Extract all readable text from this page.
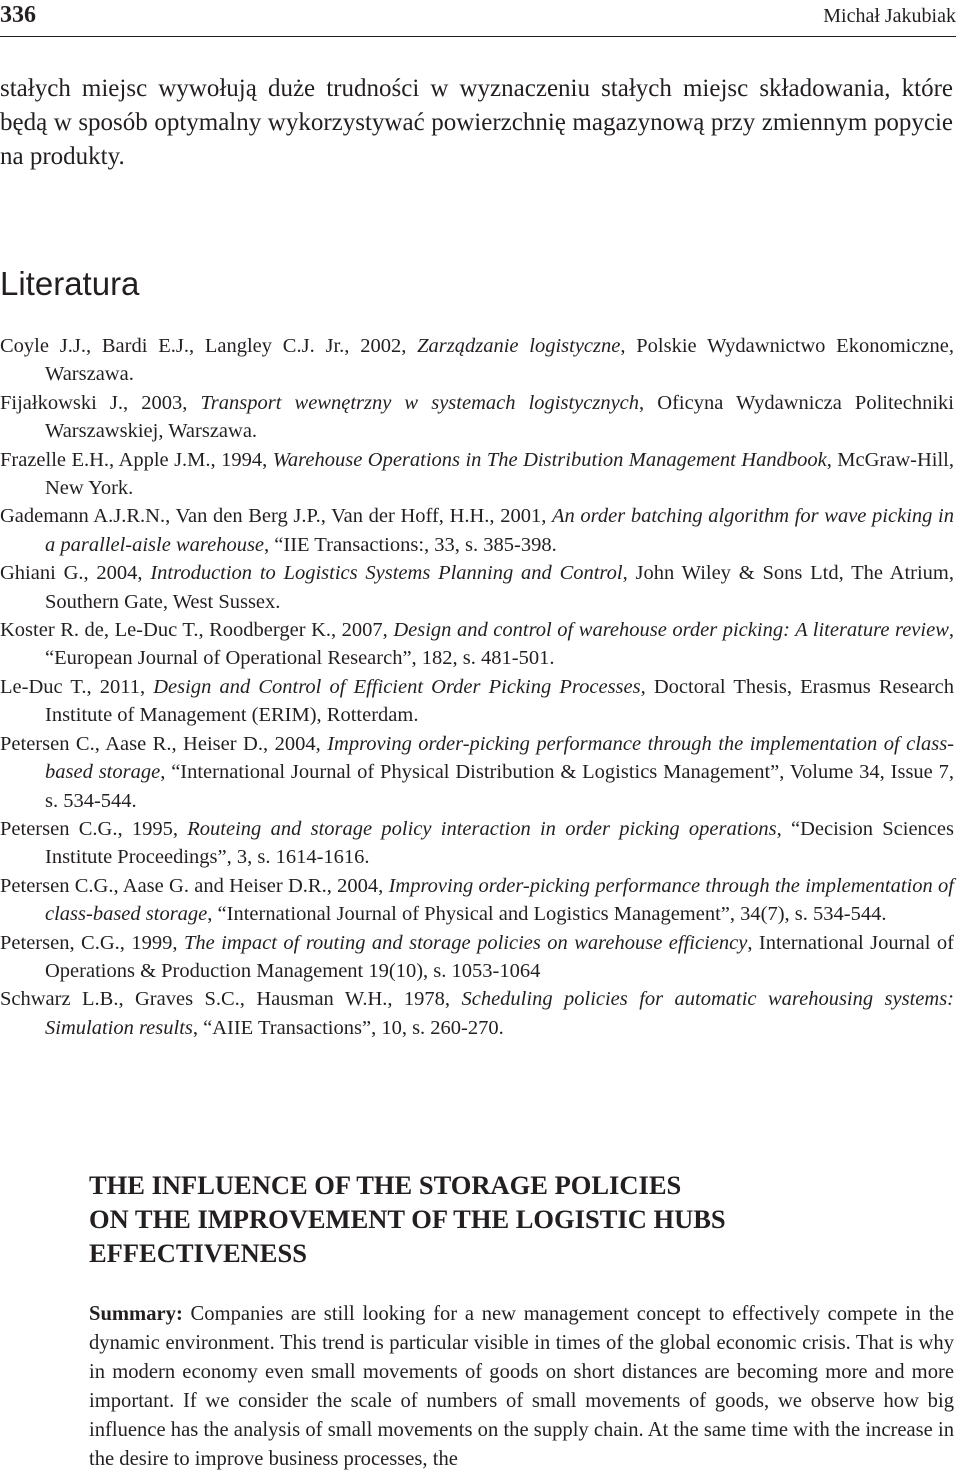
336	Michał Jakubiak

stałych miejsc wywołują duże trudności w wyznaczeniu stałych miejsc składowania, które będą w sposób optymalny wykorzystywać powierzchnię magazynową przy zmiennym popycie na produkty.

Literatura
Coyle J.J., Bardi E.J., Langley C.J. Jr., 2002, Zarządzanie logistyczne, Polskie Wydawnictwo Ekonomiczne, Warszawa.
Fijałkowski J., 2003, Transport wewnętrzny w systemach logistycznych, Oficyna Wydawnicza Politechniki Warszawskiej, Warszawa.
Frazelle E.H., Apple J.M., 1994, Warehouse Operations in The Distribution Management Handbook, McGraw-Hill, New York.
Gademann A.J.R.N., Van den Berg J.P., Van der Hoff, H.H., 2001, An order batching algorithm for wave picking in a parallel-aisle warehouse, “IIE Transactions:, 33, s. 385-398.
Ghiani G., 2004, Introduction to Logistics Systems Planning and Control, John Wiley & Sons Ltd, The Atrium, Southern Gate, West Sussex.
Koster R. de, Le-Duc T., Roodberger K., 2007, Design and control of warehouse order picking: A literature review, “European Journal of Operational Research”, 182, s. 481-501.
Le-Duc T., 2011, Design and Control of Efficient Order Picking Processes, Doctoral Thesis, Erasmus Research Institute of Management (ERIM), Rotterdam.
Petersen C., Aase R., Heiser D., 2004, Improving order-picking performance through the implementation of class-based storage, “International Journal of Physical Distribution & Logistics Management”, Volume 34, Issue 7, s. 534-544.
Petersen C.G., 1995, Routeing and storage policy interaction in order picking operations, “Decision Sciences Institute Proceedings”, 3, s. 1614-1616.
Petersen C.G., Aase G. and Heiser D.R., 2004, Improving order-picking performance through the implementation of class-based storage, “International Journal of Physical and Logistics Management”, 34(7), s. 534-544.
Petersen, C.G., 1999, The impact of routing and storage policies on warehouse efficiency, International Journal of Operations & Production Management 19(10), s. 1053-1064
Schwarz L.B., Graves S.C., Hausman W.H., 1978, Scheduling policies for automatic warehousing systems: Simulation results, “AIIE Transactions”, 10, s. 260-270.
THE INFLUENCE OF THE STORAGE POLICIES
ON THE IMPROVEMENT OF THE LOGISTIC HUBS
EFFECTIVENESS

Summary: Companies are still looking for a new management concept to effectively compete in the dynamic environment. This trend is particular visible in times of the global economic crisis. That is why in modern economy even small movements of goods on short distances are becoming more and more important. If we consider the scale of numbers of small movements of goods, we observe how big influence has the analysis of small movements on the supply chain. At the same time with the increase in the desire to improve business processes, the
